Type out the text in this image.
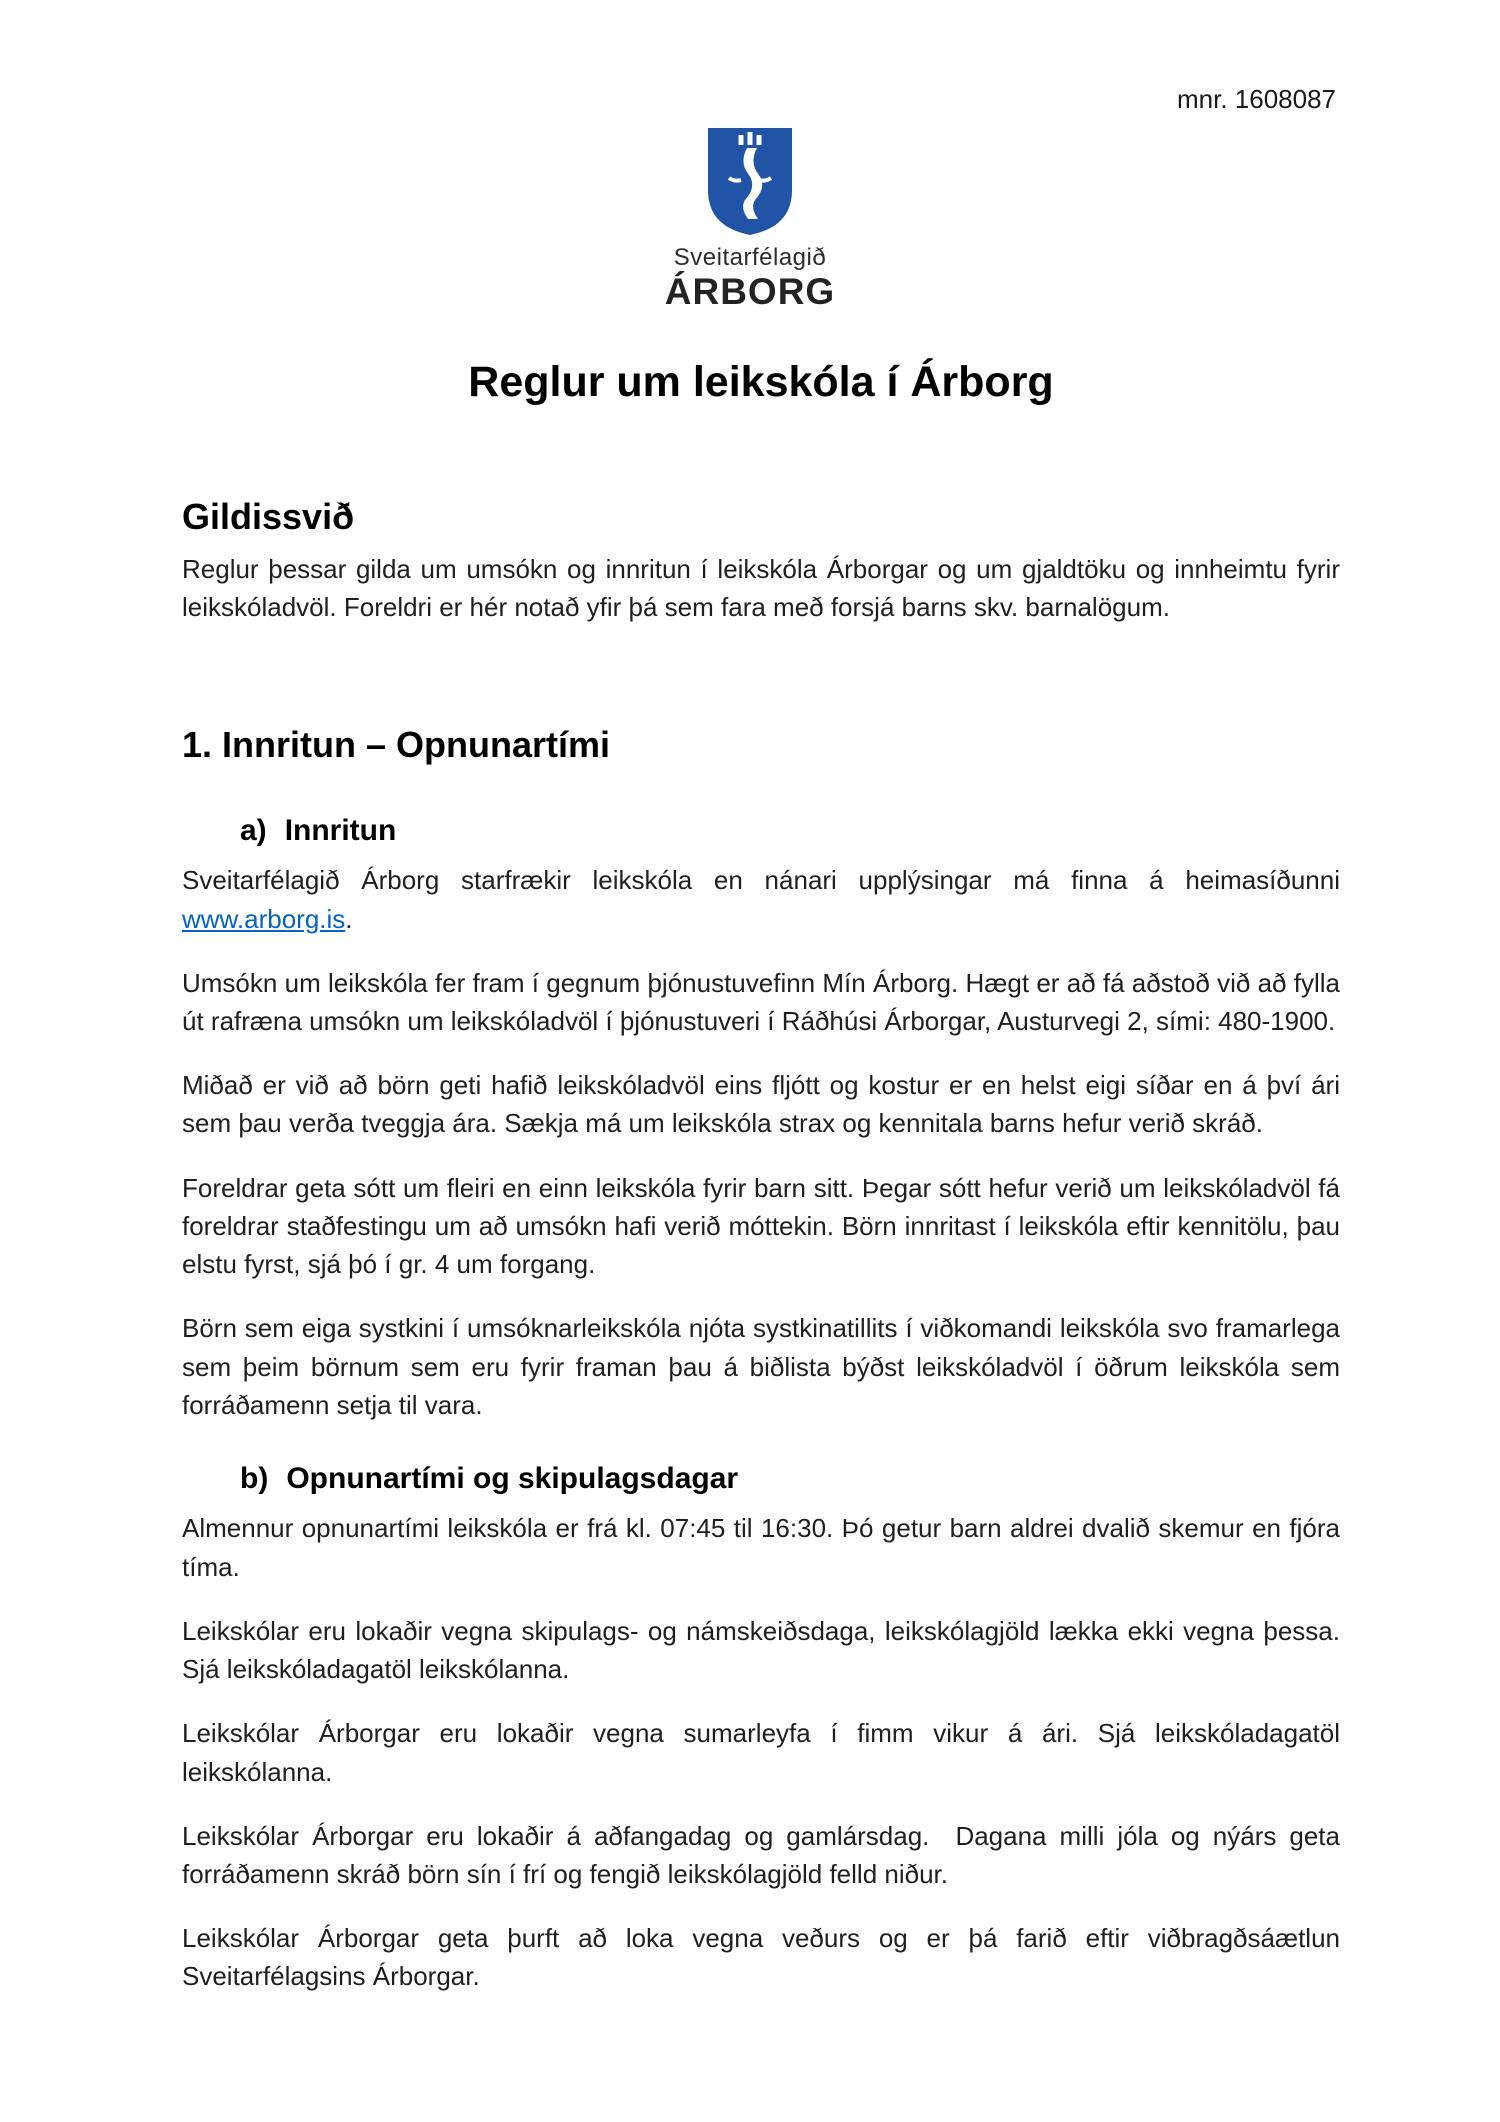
mnr. 1608087
Sveitarfélagið
ÁRBORG
Reglur um leikskóla í Árborg
Gildissvið

Reglur þessar gilda um umsókn og innritun í leikskóla Árborgar og um gjaldtöku og innheimtu fyrir leikskóladvöl. Foreldri er hér notað yfir þá sem fara með forsjá barns skv. barnalögum.

1. Innritun – Opnunartími
a) Innritun

Sveitarfélagið Árborg starfrækir leikskóla en nánari upplýsingar má finna á heimasíðunni www.arborg.is.

Umsókn um leikskóla fer fram í gegnum þjónustuvefinn Mín Árborg. Hægt er að fá aðstoð við að fylla út rafræna umsókn um leikskóladvöl í þjónustuveri í Ráðhúsi Árborgar, Austurvegi 2, sími: 480-1900.

Miðað er við að börn geti hafið leikskóladvöl eins fljótt og kostur er en helst eigi síðar en á því ári sem þau verða tveggja ára. Sækja má um leikskóla strax og kennitala barns hefur verið skráð.

Foreldrar geta sótt um fleiri en einn leikskóla fyrir barn sitt. Þegar sótt hefur verið um leikskóladvöl fá foreldrar staðfestingu um að umsókn hafi verið móttekin. Börn innritast í leikskóla eftir kennitölu, þau elstu fyrst, sjá þó í gr. 4 um forgang.

Börn sem eiga systkini í umsóknarleikskóla njóta systkinatillits í viðkomandi leikskóla svo framarlega sem þeim börnum sem eru fyrir framan þau á biðlista býðst leikskóladvöl í öðrum leikskóla sem forráðamenn setja til vara.

b) Opnunartími og skipulagsdagar

Almennur opnunartími leikskóla er frá kl. 07:45 til 16:30. Þó getur barn aldrei dvalið skemur en fjóra tíma.

Leikskólar eru lokaðir vegna skipulags- og námskeiðsdaga, leikskólagjöld lækka ekki vegna þessa. Sjá leikskóladagatöl leikskólanna.

Leikskólar Árborgar eru lokaðir vegna sumarleyfa í fimm vikur á ári. Sjá leikskóladagatöl leikskólanna.

Leikskólar Árborgar eru lokaðir á aðfangadag og gamlársdag.  Dagana milli jóla og nýárs geta forráðamenn skráð börn sín í frí og fengið leikskólagjöld felld niður.

Leikskólar Árborgar geta þurft að loka vegna veðurs og er þá farið eftir viðbragðsáætlun Sveitarfélagsins Árborgar.
